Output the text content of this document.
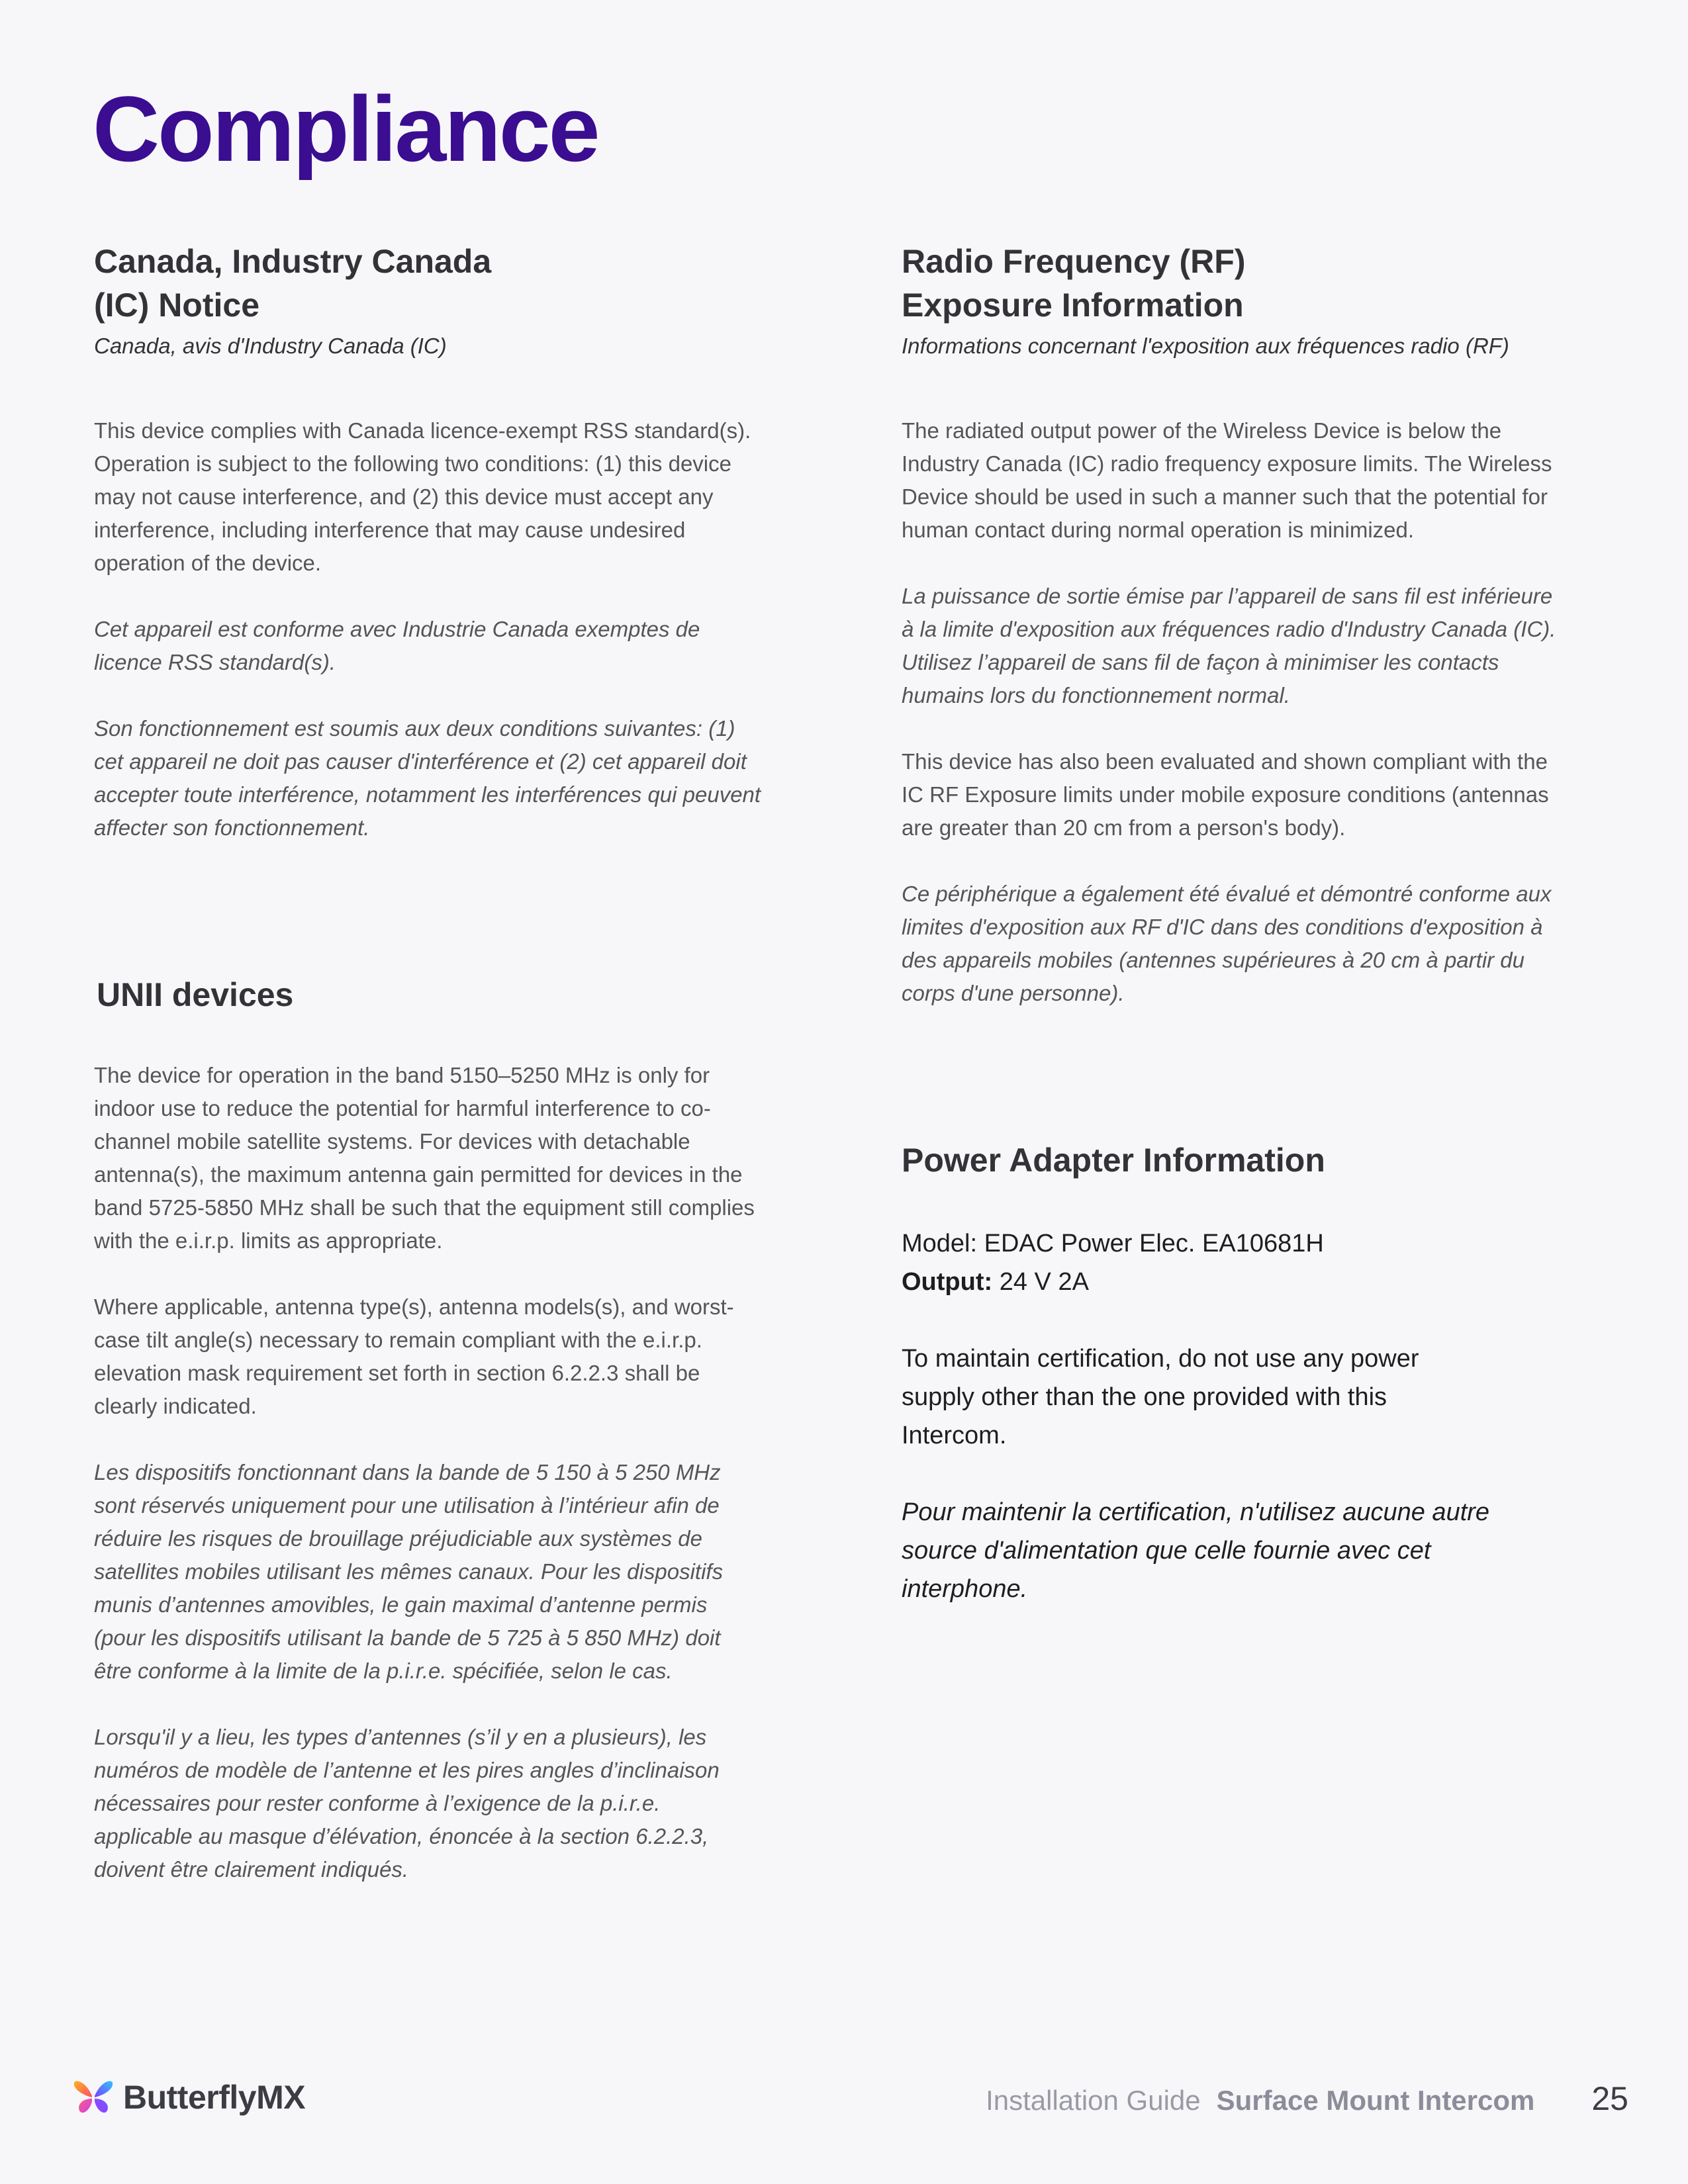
Compliance
Canada, Industry Canada
(IC) Notice
Canada, avis d'Industry Canada (IC)

This device complies with Canada licence-exempt RSS standard(s). Operation is subject to the following two conditions: (1) this device may not cause interference, and (2) this device must accept any interference, including interference that may cause undesired operation of the device.

Cet appareil est conforme avec Industrie Canada exemptes de licence RSS standard(s).

Son fonctionnement est soumis aux deux conditions suivantes: (1) cet appareil ne doit pas causer d'interférence et (2) cet appareil doit accepter toute interférence, notamment les interférences qui peuvent affecter son fonctionnement.

UNII devices

The device for operation in the band 5150–5250 MHz is only for indoor use to reduce the potential for harmful interference to co-channel mobile satellite systems. For devices with detachable antenna(s), the maximum antenna gain permitted for devices in the band 5725-5850 MHz shall be such that the equipment still complies with the e.i.r.p. limits as appropriate.

Where applicable, antenna type(s), antenna models(s), and worst-case tilt angle(s) necessary to remain compliant with the e.i.r.p. elevation mask requirement set forth in section 6.2.2.3 shall be clearly indicated.

Les dispositifs fonctionnant dans la bande de 5 150 à 5 250 MHz sont réservés uniquement pour une utilisation à l’intérieur afin de réduire les risques de brouillage préjudiciable aux systèmes de satellites mobiles utilisant les mêmes canaux. Pour les dispositifs munis d’antennes amovibles, le gain maximal d’antenne permis (pour les dispositifs utilisant la bande de 5 725 à 5 850 MHz) doit être conforme à la limite de la p.i.r.e. spécifiée, selon le cas.

Lorsqu'il y a lieu, les types d’antennes (s’il y en a plusieurs), les numéros de modèle de l’antenne et les pires angles d’inclinaison nécessaires pour rester conforme à l’exigence de la p.i.r.e. applicable au masque d’élévation, énoncée à la section 6.2.2.3, doivent être clairement indiqués.

Radio Frequency (RF)
Exposure Information
Informations concernant l'exposition aux fréquences radio (RF)

The radiated output power of the Wireless Device is below the Industry Canada (IC) radio frequency exposure limits. The Wireless Device should be used in such a manner such that the potential for human contact during normal operation is minimized.

La puissance de sortie émise par l’appareil de sans fil est inférieure à la limite d'exposition aux fréquences radio d'Industry Canada (IC). Utilisez l’appareil de sans fil de façon à minimiser les contacts humains lors du fonctionnement normal.

This device has also been evaluated and shown compliant with the IC RF Exposure limits under mobile exposure conditions (antennas are greater than 20 cm from a person's body).

Ce périphérique a également été évalué et démontré conforme aux limites d'exposition aux RF d'IC dans des conditions d'exposition à des appareils mobiles (antennes supérieures à 20 cm à partir du corps d'une personne).

Power Adapter Information
Model: EDAC Power Elec. EA10681H
Output: 24 V 2A

To maintain certification, do not use any power supply other than the one provided with this Intercom.

Pour maintenir la certification, n'utilisez aucune autre source d'alimentation que celle fournie avec cet interphone.

ButterflyMX	Installation Guide Surface Mount Intercom 25
